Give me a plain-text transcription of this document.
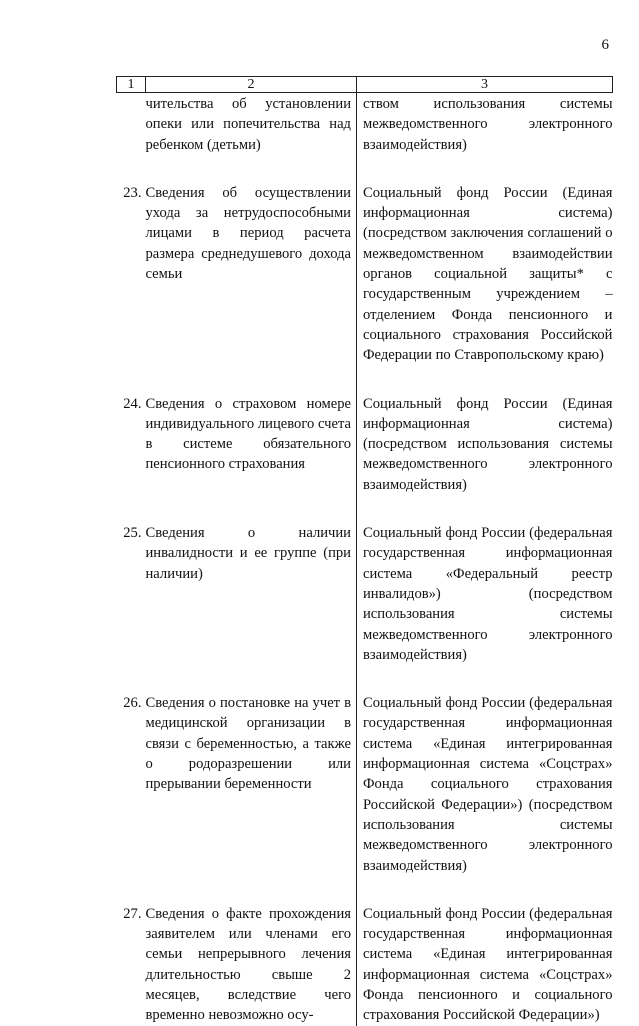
6
1	2	3
	чительства об установлении опеки или попечительства над ребенком (детьми)	ством использования системы межведомственного электронного взаимодействия)

23.	Сведения об осуществлении ухода за нетрудоспособными лицами в период расчета размера среднедушевого дохода семьи	Социальный фонд России (Единая информационная система) (посредством заключения соглашений о межведомственном взаимодействии органов социальной защиты* с государственным учреждением – отделением Фонда пенсионного и социального страхования Российской Федерации по Ставропольскому краю)

24.	Сведения о страховом номере индивидуального лицевого счета в системе обязательного пенсионного страхования	Социальный фонд России (Единая информационная система) (посредством использования системы межведомственного электронного взаимодействия)

25.	Сведения о наличии инвалидности и ее группе (при наличии)	Социальный фонд России (федеральная государственная информационная система «Федеральный реестр инвалидов») (посредством использования системы межведомственного электронного взаимодействия)

26.	Сведения о постановке на учет в медицинской организации в связи с беременностью, а также о родоразрешении или прерывании беременности	Социальный фонд России (федеральная государственная информационная система «Единая интегрированная информационная система «Соцстрах» Фонда социального страхования Российской Федерации») (посредством использования системы межведомственного электронного взаимодействия)

27.	Сведения о факте прохождения заявителем или членами его семьи непрерывного лечения длительностью свыше 2 месяцев, вследствие чего временно невозможно осу-	Социальный фонд России (федеральная государственная информационная система «Единая интегрированная информационная система «Соцстрах» Фонда пенсионного и социального страхования Российской Федерации»)
